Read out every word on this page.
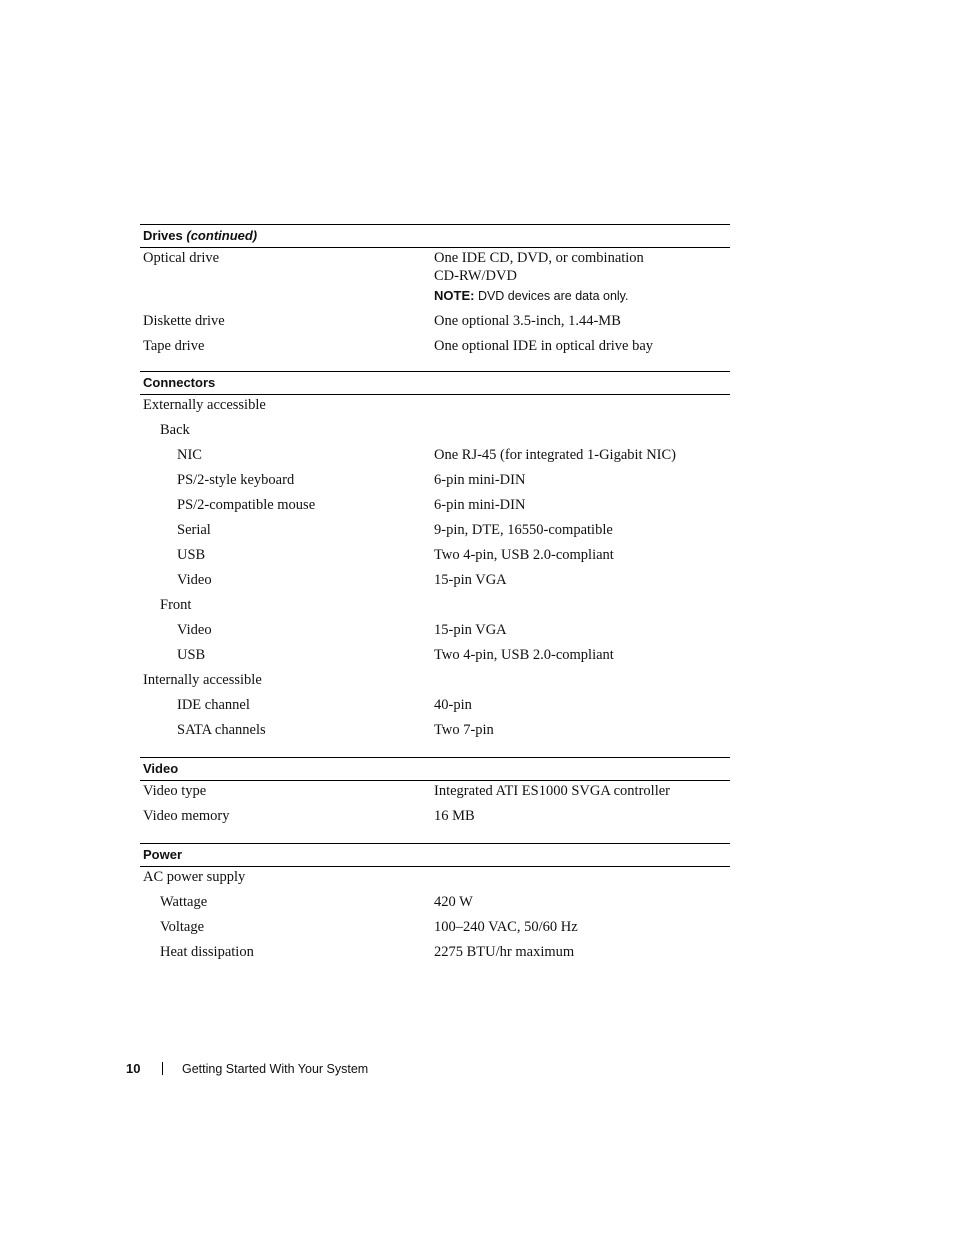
Drives (continued)
Optical drive	One IDE CD, DVD, or combination CD-RW/DVD
NOTE: DVD devices are data only.
Diskette drive	One optional 3.5-inch, 1.44-MB
Tape drive	One optional IDE in optical drive bay
Connectors
Externally accessible
Back
NIC	One RJ-45 (for integrated 1-Gigabit NIC)
PS/2-style keyboard	6-pin mini-DIN
PS/2-compatible mouse	6-pin mini-DIN
Serial	9-pin, DTE, 16550-compatible
USB	Two 4-pin, USB 2.0-compliant
Video	15-pin VGA
Front
Video	15-pin VGA
USB	Two 4-pin, USB 2.0-compliant
Internally accessible
IDE channel	40-pin
SATA channels	Two 7-pin
Video
Video type	Integrated ATI ES1000 SVGA controller
Video memory	16 MB
Power
AC power supply
Wattage	420 W
Voltage	100–240 VAC, 50/60 Hz
Heat dissipation	2275 BTU/hr maximum
10	Getting Started With Your System
